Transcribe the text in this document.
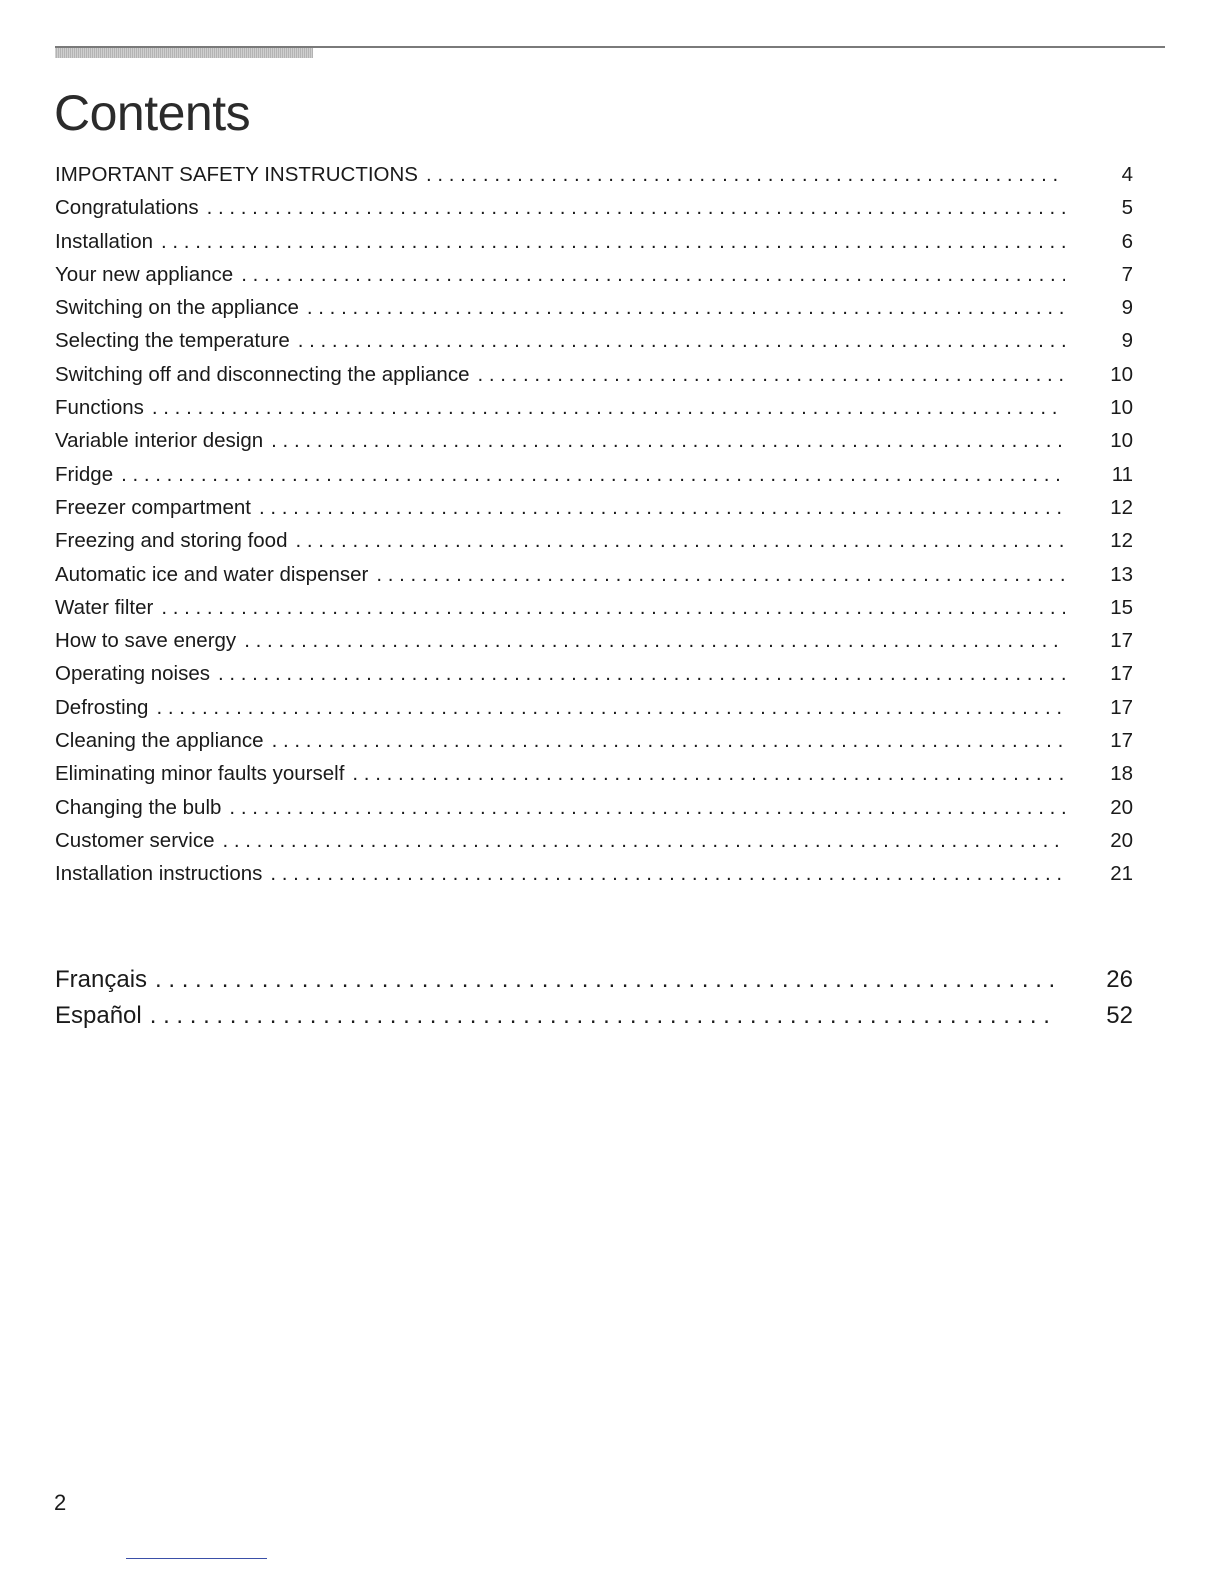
Contents
IMPORTANT SAFETY INSTRUCTIONS . . .	4
Congratulations . . .	5
Installation . . .	6
Your new appliance . . .	7
Switching on the appliance . . .	9
Selecting the temperature . . .	9
Switching off and disconnecting the appliance . . .	10
Functions . . .	10
Variable interior design . . .	10
Fridge . . .	11
Freezer compartment . . .	12
Freezing and storing food . . .	12
Automatic ice and water dispenser . . .	13
Water filter . . .	15
How to save energy . . .	17
Operating noises . . .	17
Defrosting . . .	17
Cleaning the appliance . . .	17
Eliminating minor faults yourself . . .	18
Changing the bulb . . .	20
Customer service . . .	20
Installation instructions . . .	21
Français . . .	26
Español . . .	52
2
